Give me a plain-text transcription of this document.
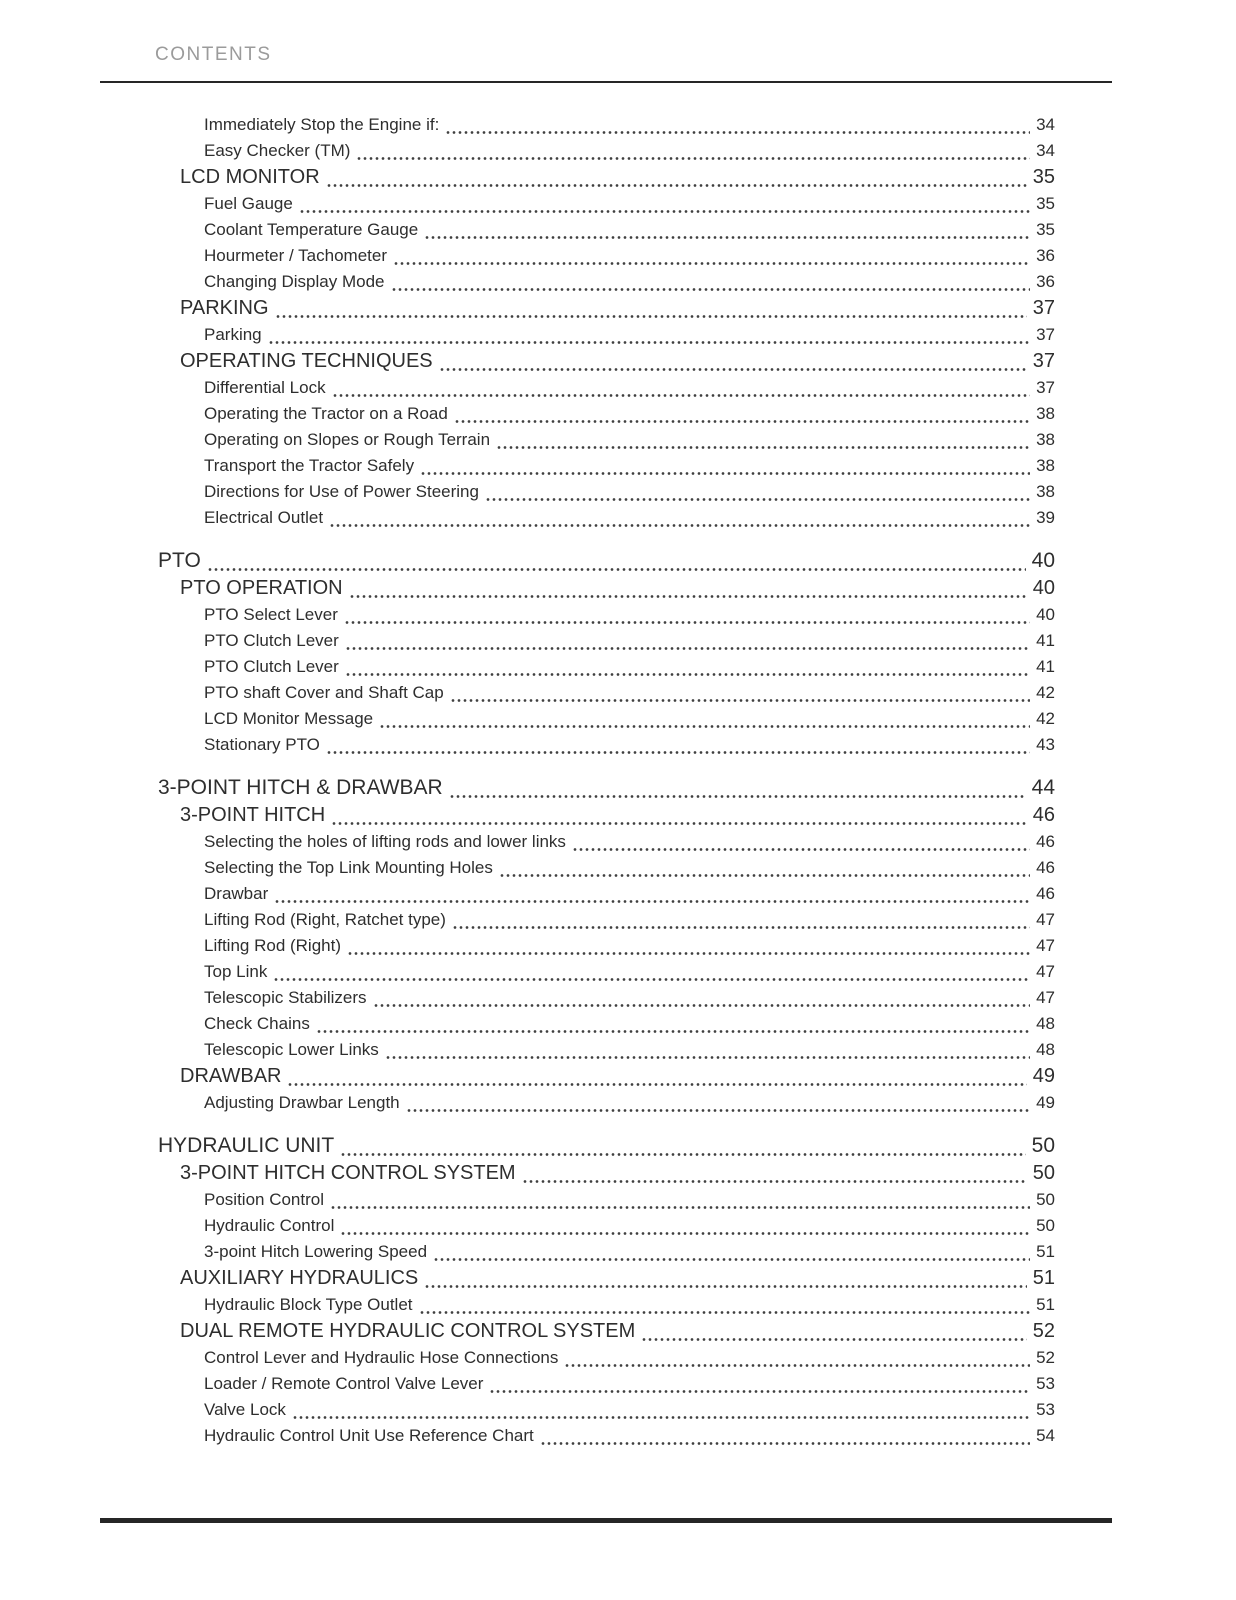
CONTENTS
Immediately Stop the Engine if:	34
Easy Checker (TM)	34
LCD MONITOR	35
Fuel Gauge	35
Coolant Temperature Gauge	35
Hourmeter / Tachometer	36
Changing Display Mode	36
PARKING	37
Parking	37
OPERATING TECHNIQUES	37
Differential Lock	37
Operating the Tractor on a Road	38
Operating on Slopes or Rough Terrain	38
Transport the Tractor Safely	38
Directions for Use of Power Steering	38
Electrical Outlet	39
PTO	40
PTO OPERATION	40
PTO Select Lever	40
PTO Clutch Lever	41
PTO Clutch Lever	41
PTO shaft Cover and Shaft Cap	42
LCD Monitor Message	42
Stationary PTO	43
3-POINT HITCH & DRAWBAR	44
3-POINT HITCH	46
Selecting the holes of lifting rods and lower links	46
Selecting the Top Link Mounting Holes	46
Drawbar	46
Lifting Rod (Right, Ratchet type)	47
Lifting Rod (Right)	47
Top Link	47
Telescopic Stabilizers	47
Check Chains	48
Telescopic Lower Links	48
DRAWBAR	49
Adjusting Drawbar Length	49
HYDRAULIC UNIT	50
3-POINT HITCH CONTROL SYSTEM	50
Position Control	50
Hydraulic Control	50
3-point Hitch Lowering Speed	51
AUXILIARY HYDRAULICS	51
Hydraulic Block Type Outlet	51
DUAL REMOTE HYDRAULIC CONTROL SYSTEM	52
Control Lever and Hydraulic Hose Connections	52
Loader / Remote Control Valve Lever	53
Valve Lock	53
Hydraulic Control Unit Use Reference Chart	54
